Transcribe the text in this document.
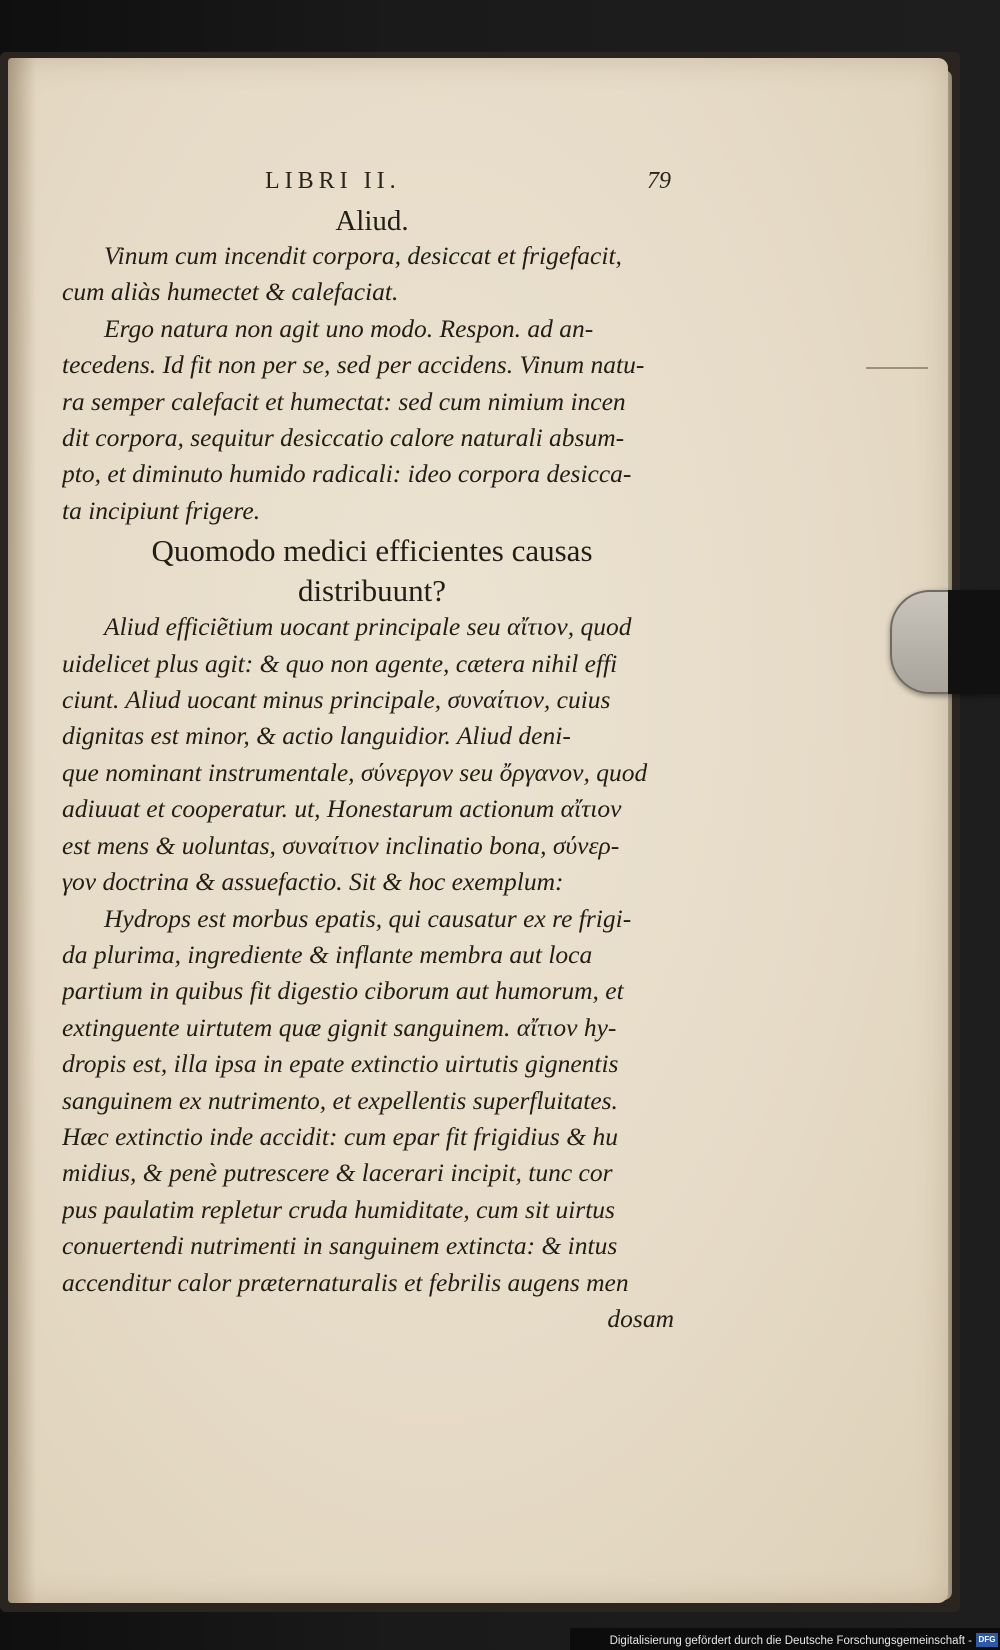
LIBRI II.	79
Aliud.
Vinum cum incendit corpora, desiccat et frigefacit,
cum aliàs humectet & calefaciat.
Ergo natura non agit uno modo. Respon. ad an-
tecedens. Id fit non per se, sed per accidens. Vinum natu-
ra semper calefacit et humectat: sed cum nimium incen
dit corpora, sequitur desiccatio calore naturali absum-
pto, et diminuto humido radicali: ideo corpora desicca-
ta incipiunt frigere.
Quomodo medici efficientes causas
distribuunt?
Aliud efficiẽtium uocant principale seu αἴτιον, quod
uidelicet plus agit: & quo non agente, cætera nihil effi
ciunt. Aliud uocant minus principale, συναίτιον, cuius
dignitas est minor, & actio languidior. Aliud deni-
que nominant instrumentale, σύνεργον seu ὄργανον, quod
adiuuat et cooperatur. ut, Honestarum actionum αἴτιον
est mens & uoluntas, συναίτιον inclinatio bona, σύνερ-
γον doctrina & assuefactio. Sit & hoc exemplum:
Hydrops est morbus epatis, qui causatur ex re frigi-
da plurima, ingrediente & inflante membra aut loca
partium in quibus fit digestio ciborum aut humorum, et
extinguente uirtutem quæ gignit sanguinem. αἴτιον hy-
dropis est, illa ipsa in epate extinctio uirtutis gignentis
sanguinem ex nutrimento, et expellentis superfluitates.
Hæc extinctio inde accidit: cum epar fit frigidius & hu
midius, & penè putrescere & lacerari incipit, tunc cor
pus paulatim repletur cruda humiditate, cum sit uirtus
conuertendi nutrimenti in sanguinem extincta: & intus
accenditur calor præternaturalis et febrilis augens men
dosam
Digitalisierung gefördert durch die Deutsche Forschungsgemeinschaft - DFG
